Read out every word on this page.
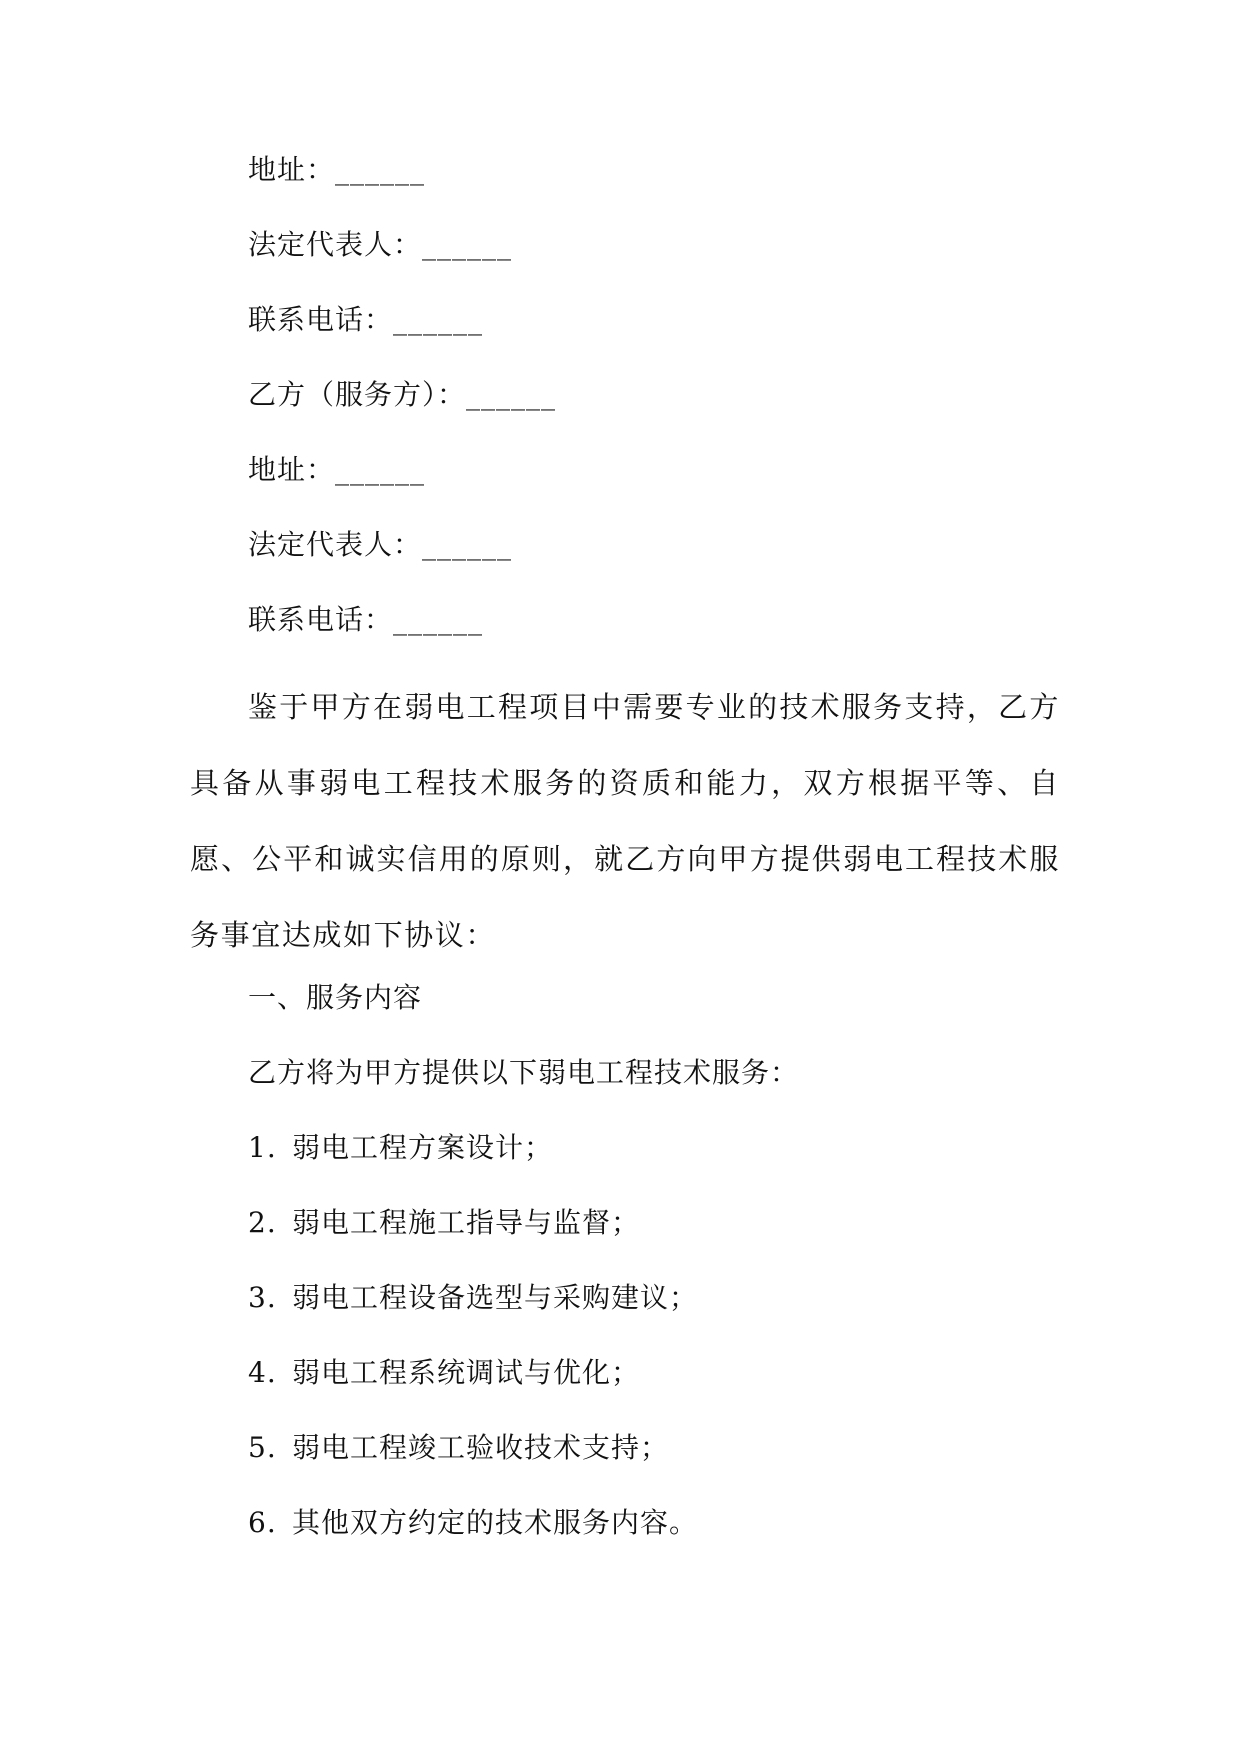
地址：______
法定代表人：______
联系电话：______
乙方（服务方）：______
地址：______
法定代表人：______
联系电话：______
鉴于甲方在弱电工程项目中需要专业的技术服务支持，乙方具备从事弱电工程技术服务的资质和能力，双方根据平等、自愿、公平和诚实信用的原则，就乙方向甲方提供弱电工程技术服务事宜达成如下协议：
一、服务内容
乙方将为甲方提供以下弱电工程技术服务：
1. 弱电工程方案设计；
2. 弱电工程施工指导与监督；
3. 弱电工程设备选型与采购建议；
4. 弱电工程系统调试与优化；
5. 弱电工程竣工验收技术支持；
6. 其他双方约定的技术服务内容。
